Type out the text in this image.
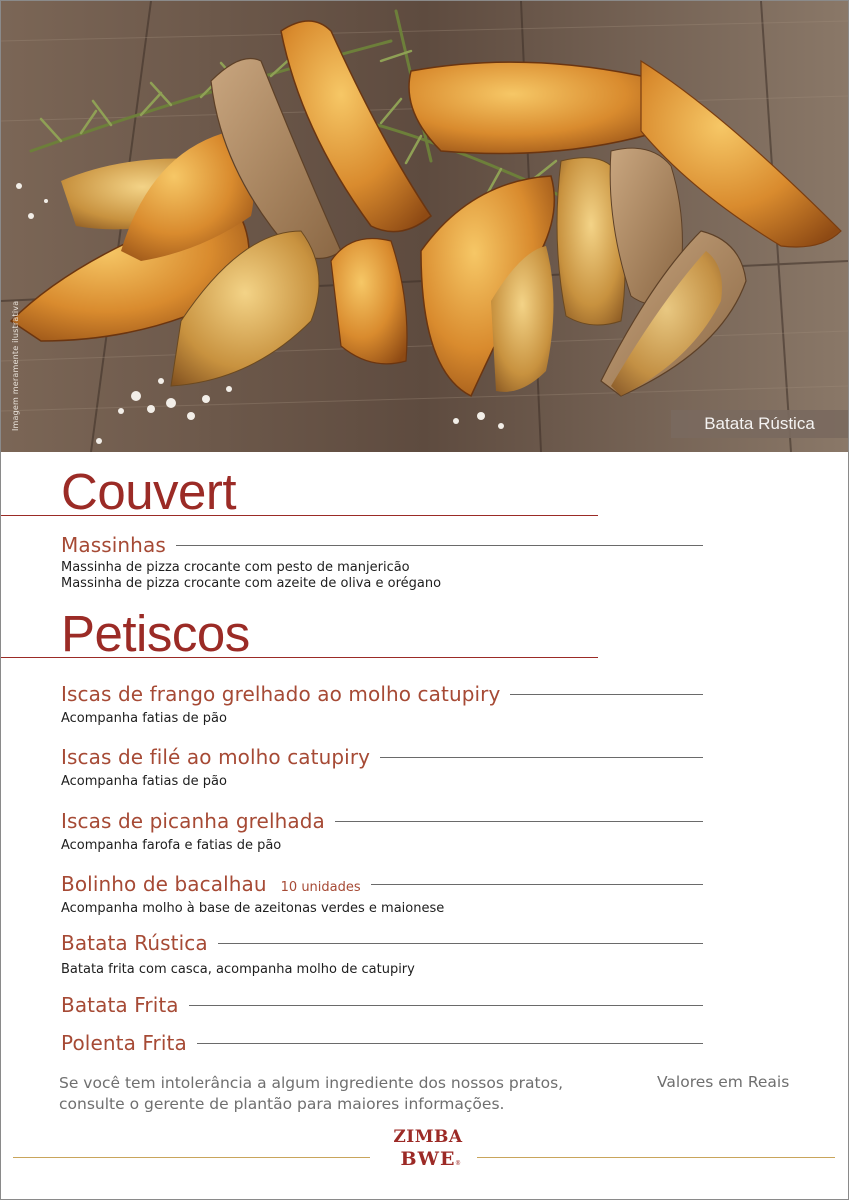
Imagem meramente ilustrativa	Batata Rústica
Couvert
Massinhas
Massinha de pizza crocante com pesto de manjericão
Massinha de pizza crocante com azeite de oliva e orégano
Petiscos
Iscas de frango grelhado ao molho catupiry
Acompanha fatias de pão
Iscas de filé ao molho catupiry
Acompanha fatias de pão
Iscas de picanha grelhada
Acompanha farofa e fatias de pão
Bolinho de bacalhau 10 unidades
Acompanha molho à base de azeitonas verdes e maionese
Batata Rústica
Batata frita com casca, acompanha molho de catupiry
Batata Frita
Polenta Frita
Se você tem intolerância a algum ingrediente dos nossos pratos,
consulte o gerente de plantão para maiores informações.
Valores em Reais
ZIMBA
BWE ®
